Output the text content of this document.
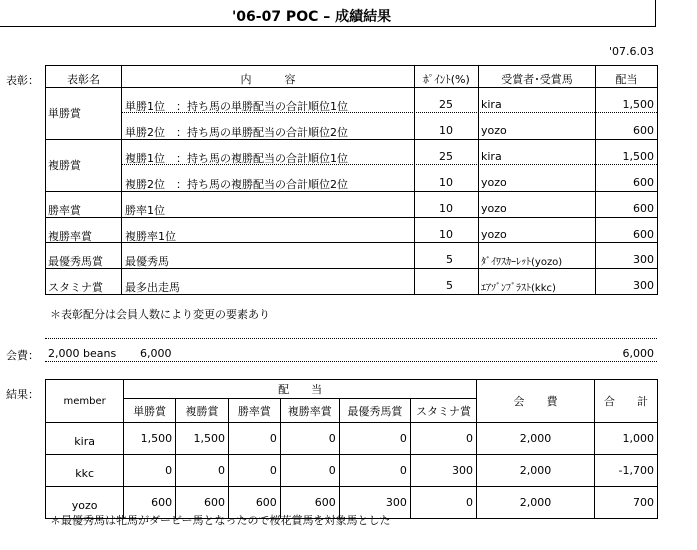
'06-07 POC – 成績結果
'07.6.03
表彰：	表彰名	内　　　容	ﾎﾟｲﾝﾄ(%)	受賞者･受賞馬	配当
単勝賞
単勝1位　：持ち馬の単勝配当の合計順位1位	25	kira	1,500
単勝2位　：持ち馬の単勝配当の合計順位2位	10	yozo	600
複勝賞
複勝1位　：持ち馬の複勝配当の合計順位1位	25	kira	1,500
複勝2位　：持ち馬の複勝配当の合計順位2位	10	yozo	600
勝率賞	勝率1位	10	yozo	600
複勝率賞	複勝率1位	10	yozo	600
最優秀馬賞 最優秀馬	5	ﾀﾞｲﾜｽｶｰﾚｯﾄ(yozo)	300
スタミナ賞 最多出走馬	5	ｴｱｿﾞﾝﾌﾞﾗｽﾄ(kkc)	300
＊表彰配分は会員人数により変更の要素あり
会費： 2,000 beans 6,000	6,000
結果： member	配　　当						会　　費	合　　計
	単勝賞	複勝賞	勝率賞	複勝率賞	最優秀馬賞	スタミナ賞		
kira	1,500	1,500	0	0	0	0	2,000	1,000
kkc	0	0	0	0	0	300	2,000	-1,700
yozo	600	600	600	600	300	0	2,000	700
＊最優秀馬は牝馬がダービー馬となったので桜花賞馬を対象馬とした
